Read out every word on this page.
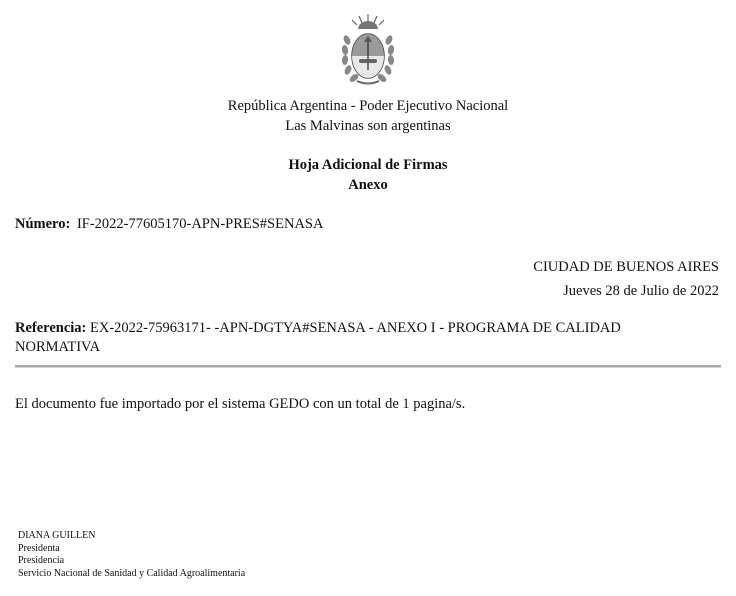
República Argentina - Poder Ejecutivo Nacional
Las Malvinas son argentinas
Hoja Adicional de Firmas
Anexo
Número: IF-2022-77605170-APN-PRES#SENASA
CIUDAD DE BUENOS AIRES
Jueves 28 de Julio de 2022
Referencia: EX-2022-75963171- -APN-DGTYA#SENASA - ANEXO I - PROGRAMA DE CALIDAD NORMATIVA
El documento fue importado por el sistema GEDO con un total de 1 pagina/s.
DIANA GUILLEN
Presidenta
Presidencia
Servicio Nacional de Sanidad y Calidad Agroalimentaria
